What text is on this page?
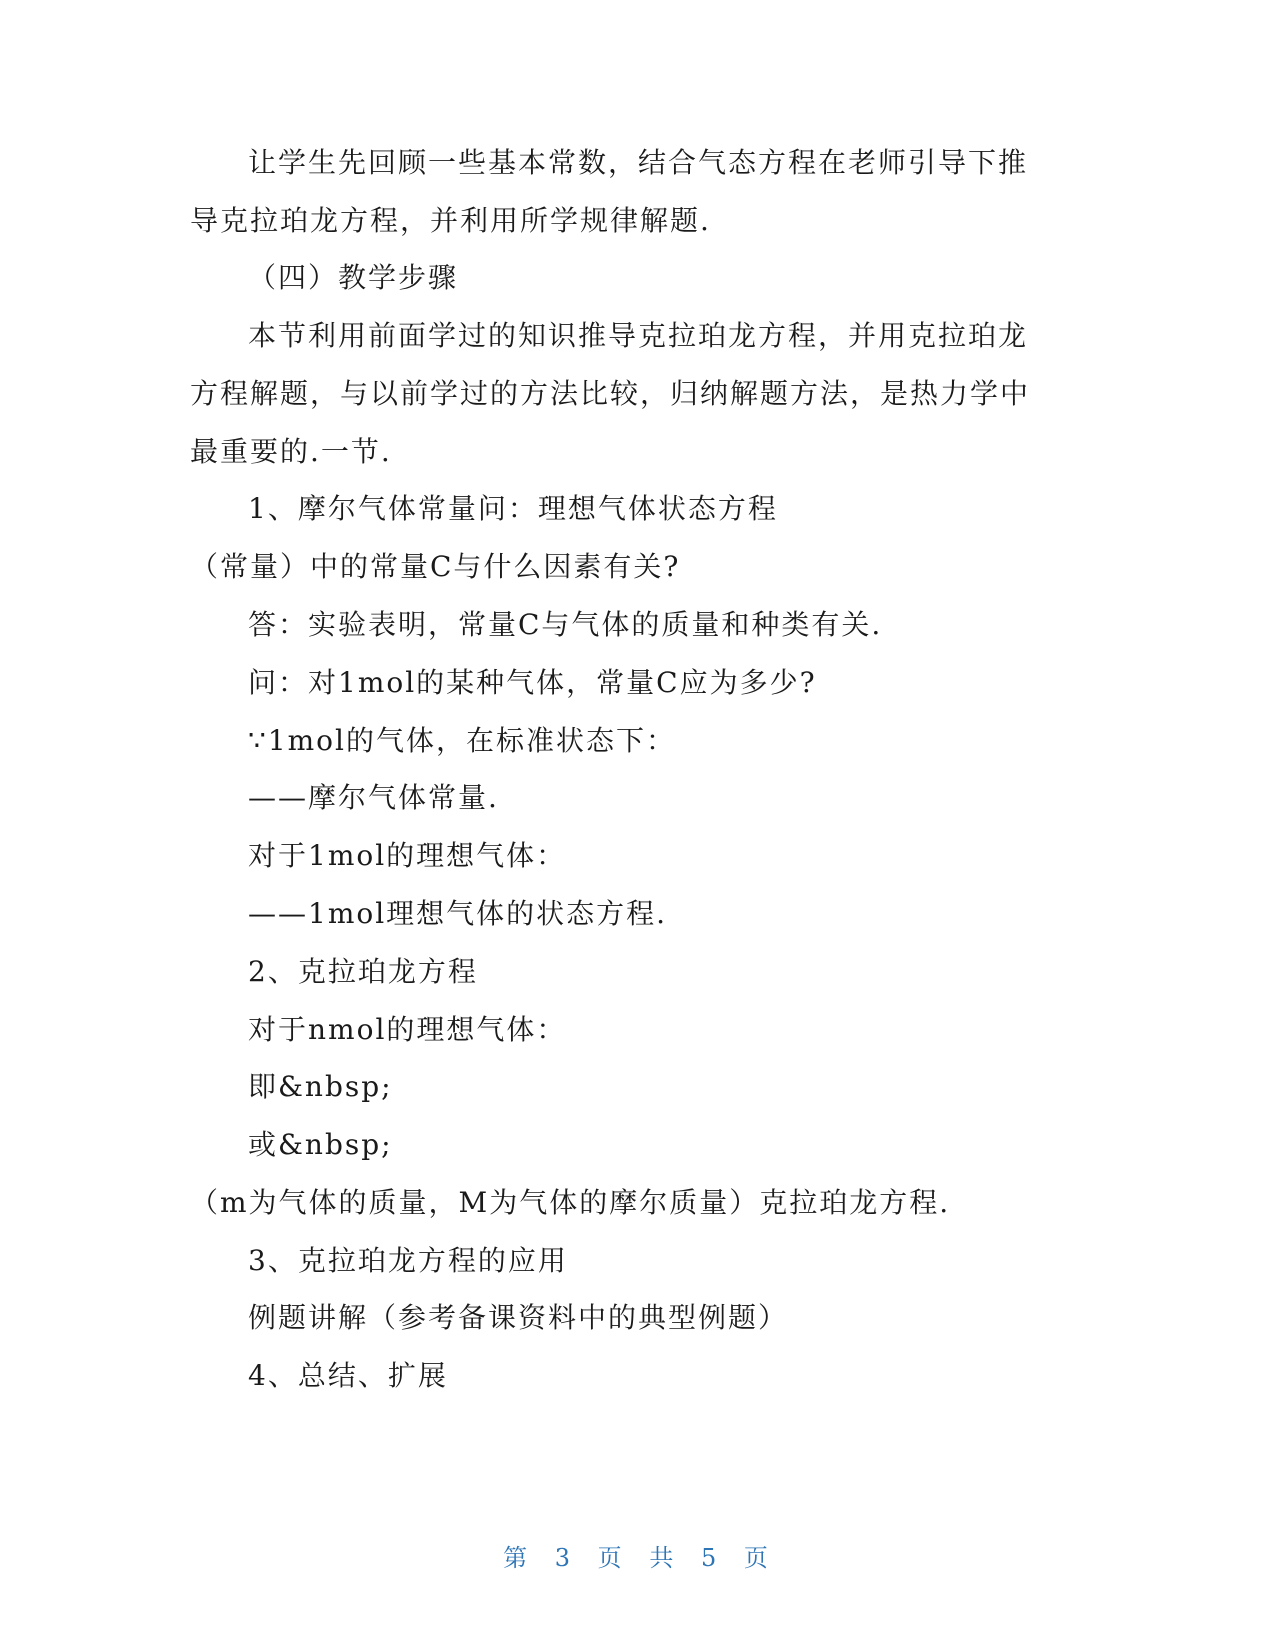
让学生先回顾一些基本常数，结合气态方程在老师引导下推
导克拉珀龙方程，并利用所学规律解题.
（四）教学步骤
本节利用前面学过的知识推导克拉珀龙方程，并用克拉珀龙
方程解题，与以前学过的方法比较，归纳解题方法，是热力学中
最重要的.一节.
1、摩尔气体常量问：理想气体状态方程
（常量）中的常量C与什么因素有关?
答：实验表明，常量C与气体的质量和种类有关.
问：对1mol的某种气体，常量C应为多少?
∵1mol的气体，在标准状态下：
——摩尔气体常量.
对于1mol的理想气体：
——1mol理想气体的状态方程.
2、克拉珀龙方程
对于nmol的理想气体：
即&nbsp;
或&nbsp;
（m为气体的质量，M为气体的摩尔质量）克拉珀龙方程.
3、克拉珀龙方程的应用
例题讲解（参考备课资料中的典型例题）
4、总结、扩展
第 3 页 共 5 页
